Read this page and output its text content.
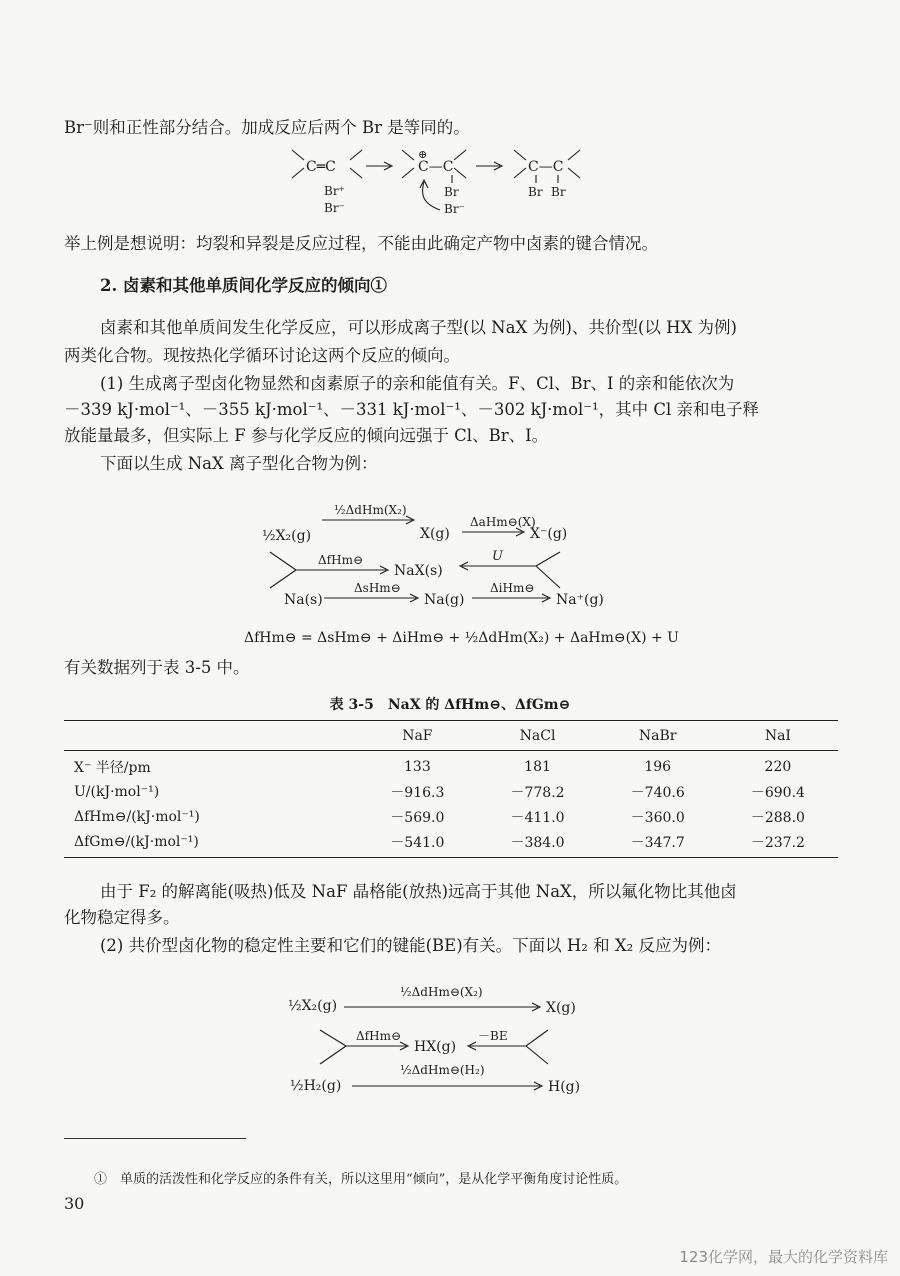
Br⁻则和正性部分结合。加成反应后两个 Br 是等同的。
C═C
Br⁺
Br⁻
⊕
C—C
Br
Br⁻
C—C
Br Br
举上例是想说明：均裂和异裂是反应过程，不能由此确定产物中卤素的键合情况。
2. 卤素和其他单质间化学反应的倾向①
卤素和其他单质间发生化学反应，可以形成离子型(以 NaX 为例)、共价型(以 HX 为例)
两类化合物。现按热化学循环讨论这两个反应的倾向。
(1) 生成离子型卤化物显然和卤素原子的亲和能值有关。F、Cl、Br、I 的亲和能依次为
－339 kJ·mol⁻¹、－355 kJ·mol⁻¹、－331 kJ·mol⁻¹、－302 kJ·mol⁻¹，其中 Cl 亲和电子释
放能量最多，但实际上 F 参与化学反应的倾向远强于 Cl、Br、I。
下面以生成 NaX 离子型化合物为例：
½X₂(g)
½ΔdHm(X₂)
X(g)
ΔaHm⊖(X)
X⁻(g)
ΔfHm⊖
NaX(s)
U
Na(s)
ΔsHm⊖
Na(g)
ΔiHm⊖
Na⁺(g)
ΔfHm⊖ = ΔsHm⊖ + ΔiHm⊖ + ½ΔdHm(X₂) + ΔaHm⊖(X) + U
有关数据列于表 3-5 中。
表 3-5　NaX 的 ΔfHm⊖、ΔfGm⊖
	NaF	NaCl	NaBr	NaI
X⁻ 半径/pm	133	181	196	220
U/(kJ·mol⁻¹)	－916.3	－778.2	－740.6	－690.4
ΔfHm⊖/(kJ·mol⁻¹)	－569.0	－411.0	－360.0	－288.0
ΔfGm⊖/(kJ·mol⁻¹)	－541.0	－384.0	－347.7	－237.2
由于 F₂ 的解离能(吸热)低及 NaF 晶格能(放热)远高于其他 NaX，所以氟化物比其他卤
化物稳定得多。
(2) 共价型卤化物的稳定性主要和它们的键能(BE)有关。下面以 H₂ 和 X₂ 反应为例：
½X₂(g)
½ΔdHm⊖(X₂)
X(g)
ΔfHm⊖
HX(g)
－BE
½H₂(g)
½ΔdHm⊖(H₂)
H(g)
①　单质的活泼性和化学反应的条件有关，所以这里用“倾向”，是从化学平衡角度讨论性质。
30
123化学网，最大的化学资料库
